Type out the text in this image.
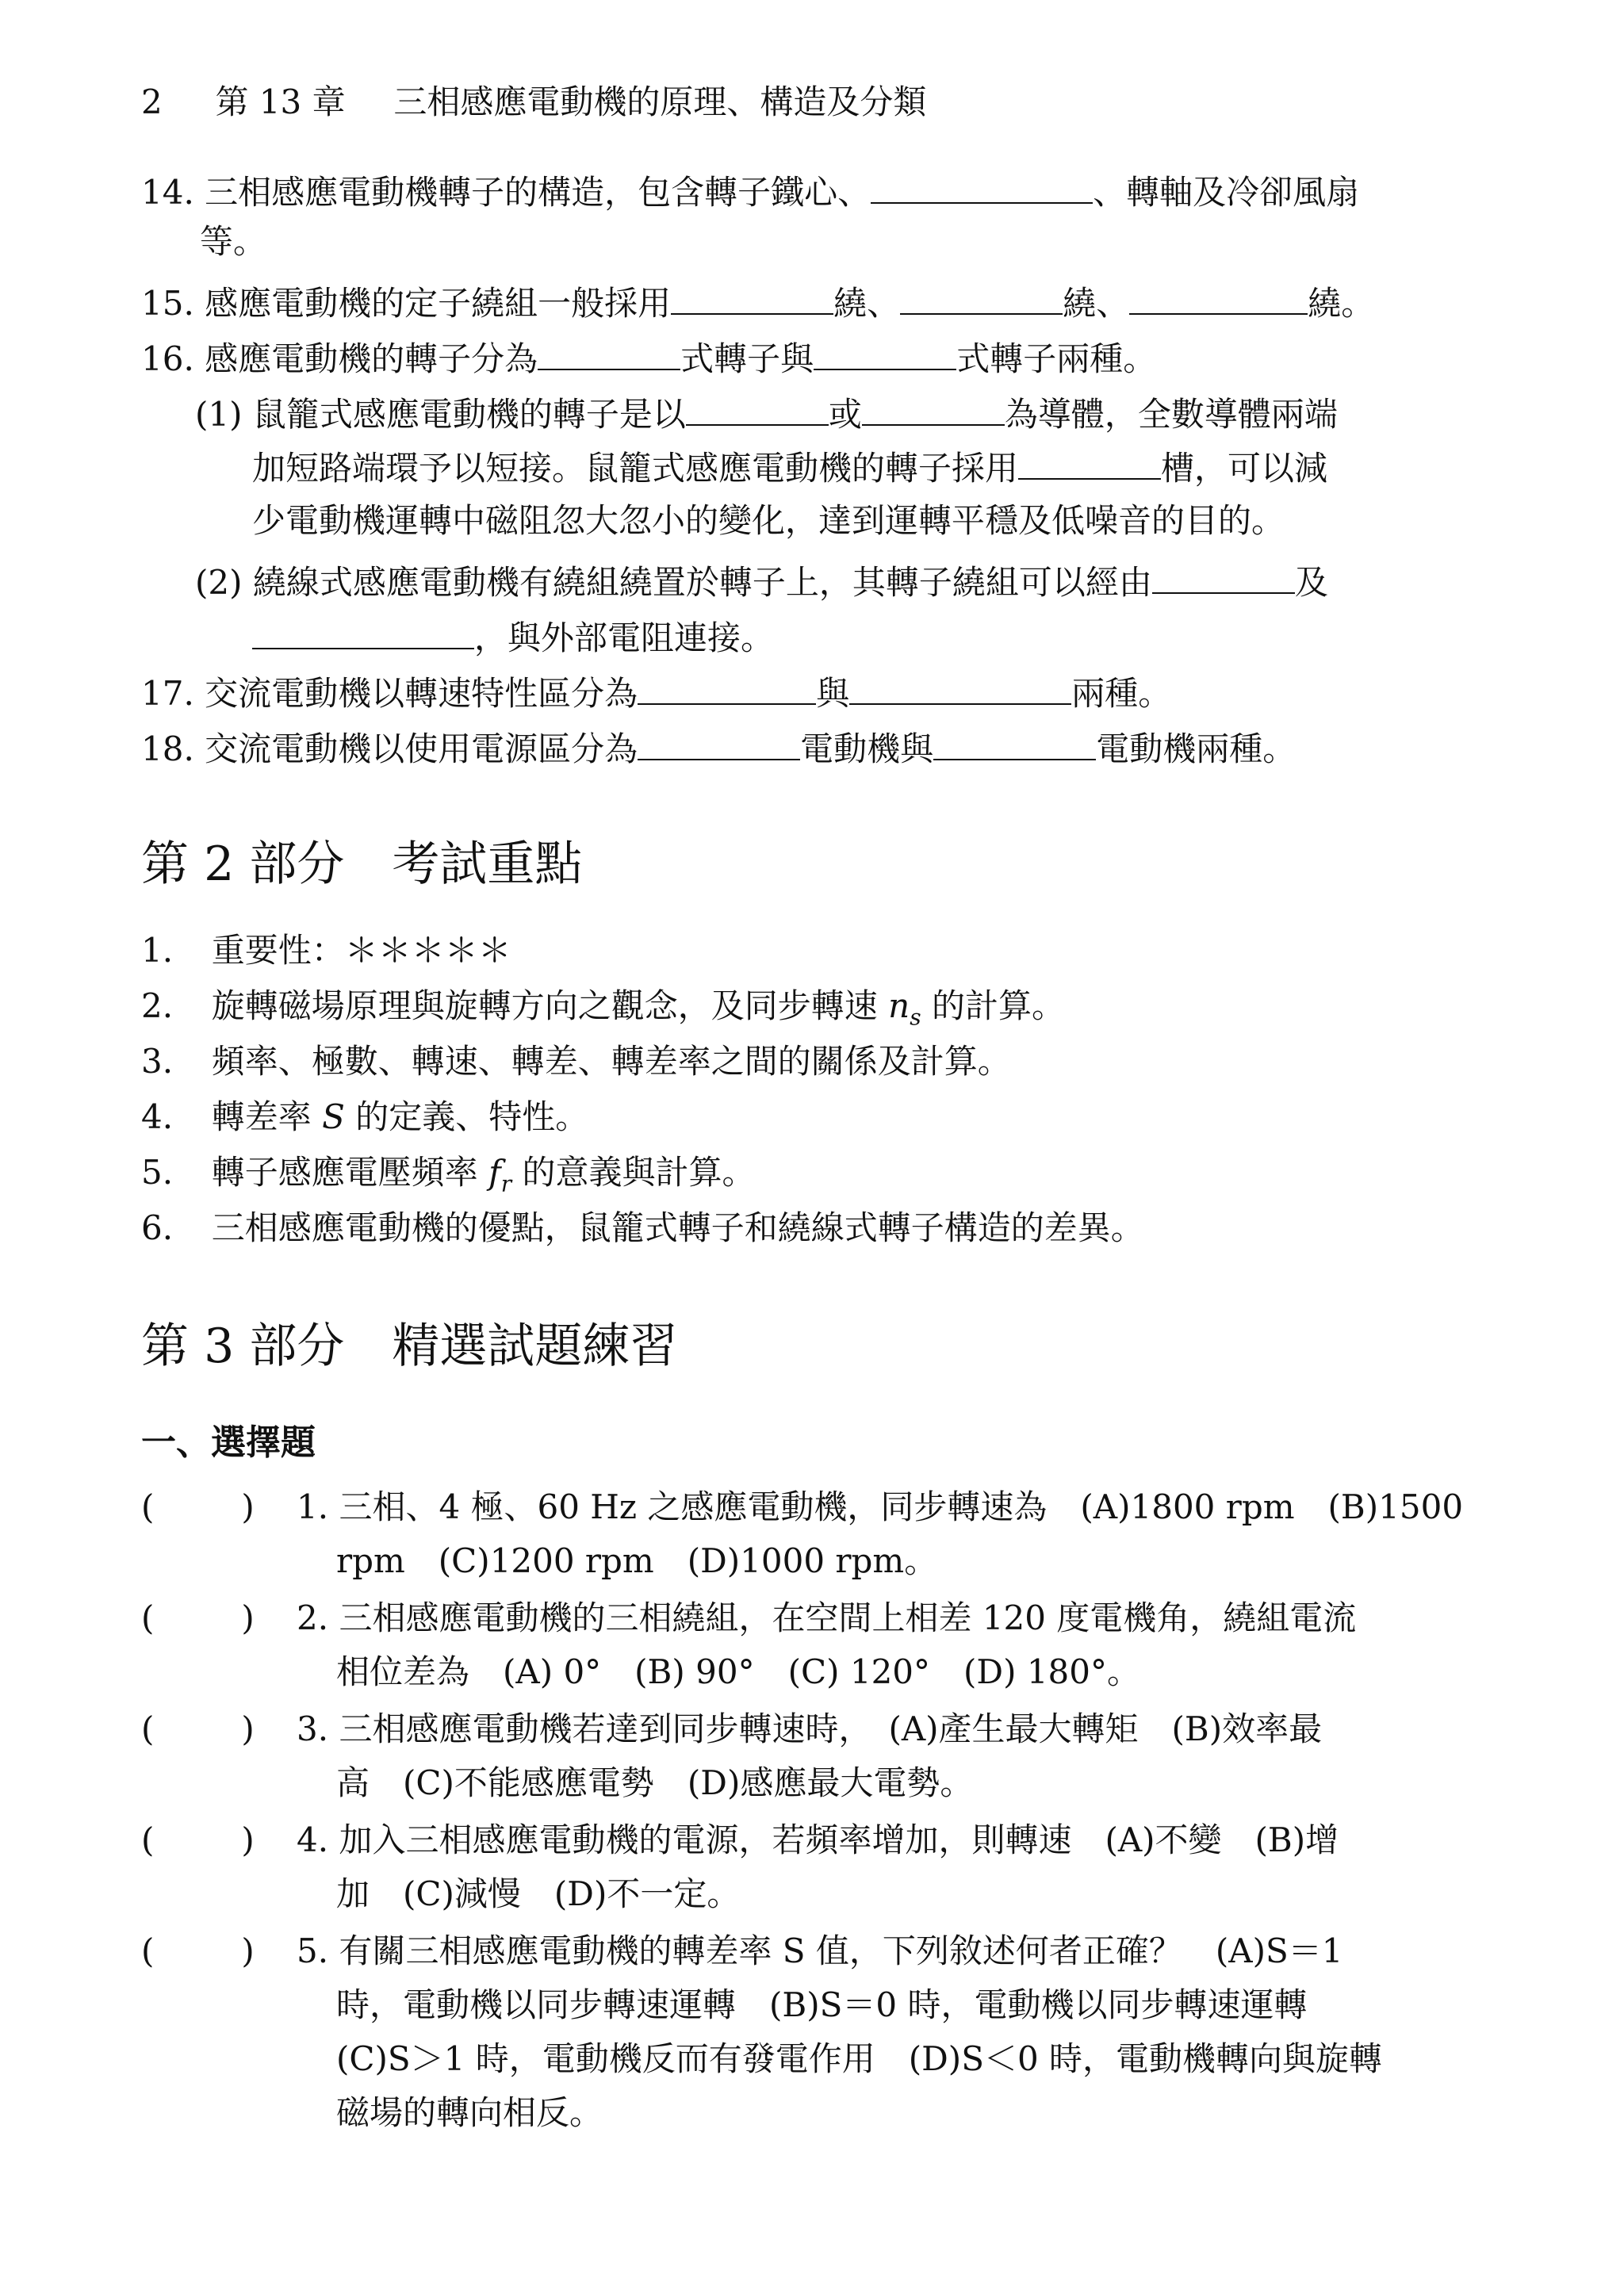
2 第 13 章 三相感應電動機的原理、構造及分類
14. 三相感應電動機轉子的構造，包含轉子鐵心、	、轉軸及冷卻風扇
等。
15. 感應電動機的定子繞組一般採用	繞、	繞、	繞。
16. 感應電動機的轉子分為	式轉子與	式轉子兩種。
(1) 鼠籠式感應電動機的轉子是以	或	為導體，全數導體兩端
加短路端環予以短接。鼠籠式感應電動機的轉子採用	槽，可以減
少電動機運轉中磁阻忽大忽小的變化，達到運轉平穩及低噪音的目的。
(2) 繞線式感應電動機有繞組繞置於轉子上，其轉子繞組可以經由	及
，與外部電阻連接。
17. 交流電動機以轉速特性區分為	與	兩種。
18. 交流電動機以使用電源區分為	電動機與	電動機兩種。
第 2 部分　考試重點
1. 重要性：＊＊＊＊＊
2. 旋轉磁場原理與旋轉方向之觀念，及同步轉速 $n_s$ 的計算。
3. 頻率、極數、轉速、轉差、轉差率之間的關係及計算。
4. 轉差率 S 的定義、特性。
5. 轉子感應電壓頻率 $f_r$ 的意義與計算。
6. 三相感應電動機的優點，鼠籠式轉子和繞線式轉子構造的差異。
第 3 部分　精選試題練習
一、選擇題
(	) 1. 三相、4 極、60 Hz 之感應電動機，同步轉速為　(A)1800 rpm　(B)1500
rpm　(C)1200 rpm　(D)1000 rpm。
(	) 2. 三相感應電動機的三相繞組，在空間上相差 120 度電機角，繞組電流
相位差為　(A) 0°　(B) 90°　(C) 120°　(D) 180°。
(	) 3. 三相感應電動機若達到同步轉速時，　(A)產生最大轉矩　(B)效率最
高　(C)不能感應電勢　(D)感應最大電勢。
(	) 4. 加入三相感應電動機的電源，若頻率增加，則轉速　(A)不變　(B)增
加　(C)減慢　(D)不一定。
(	) 5. 有關三相感應電動機的轉差率 S 值，下列敘述何者正確？　(A)S＝1
時，電動機以同步轉速運轉　(B)S＝0 時，電動機以同步轉速運轉
(C)S＞1 時，電動機反而有發電作用　(D)S＜0 時，電動機轉向與旋轉
磁場的轉向相反。
